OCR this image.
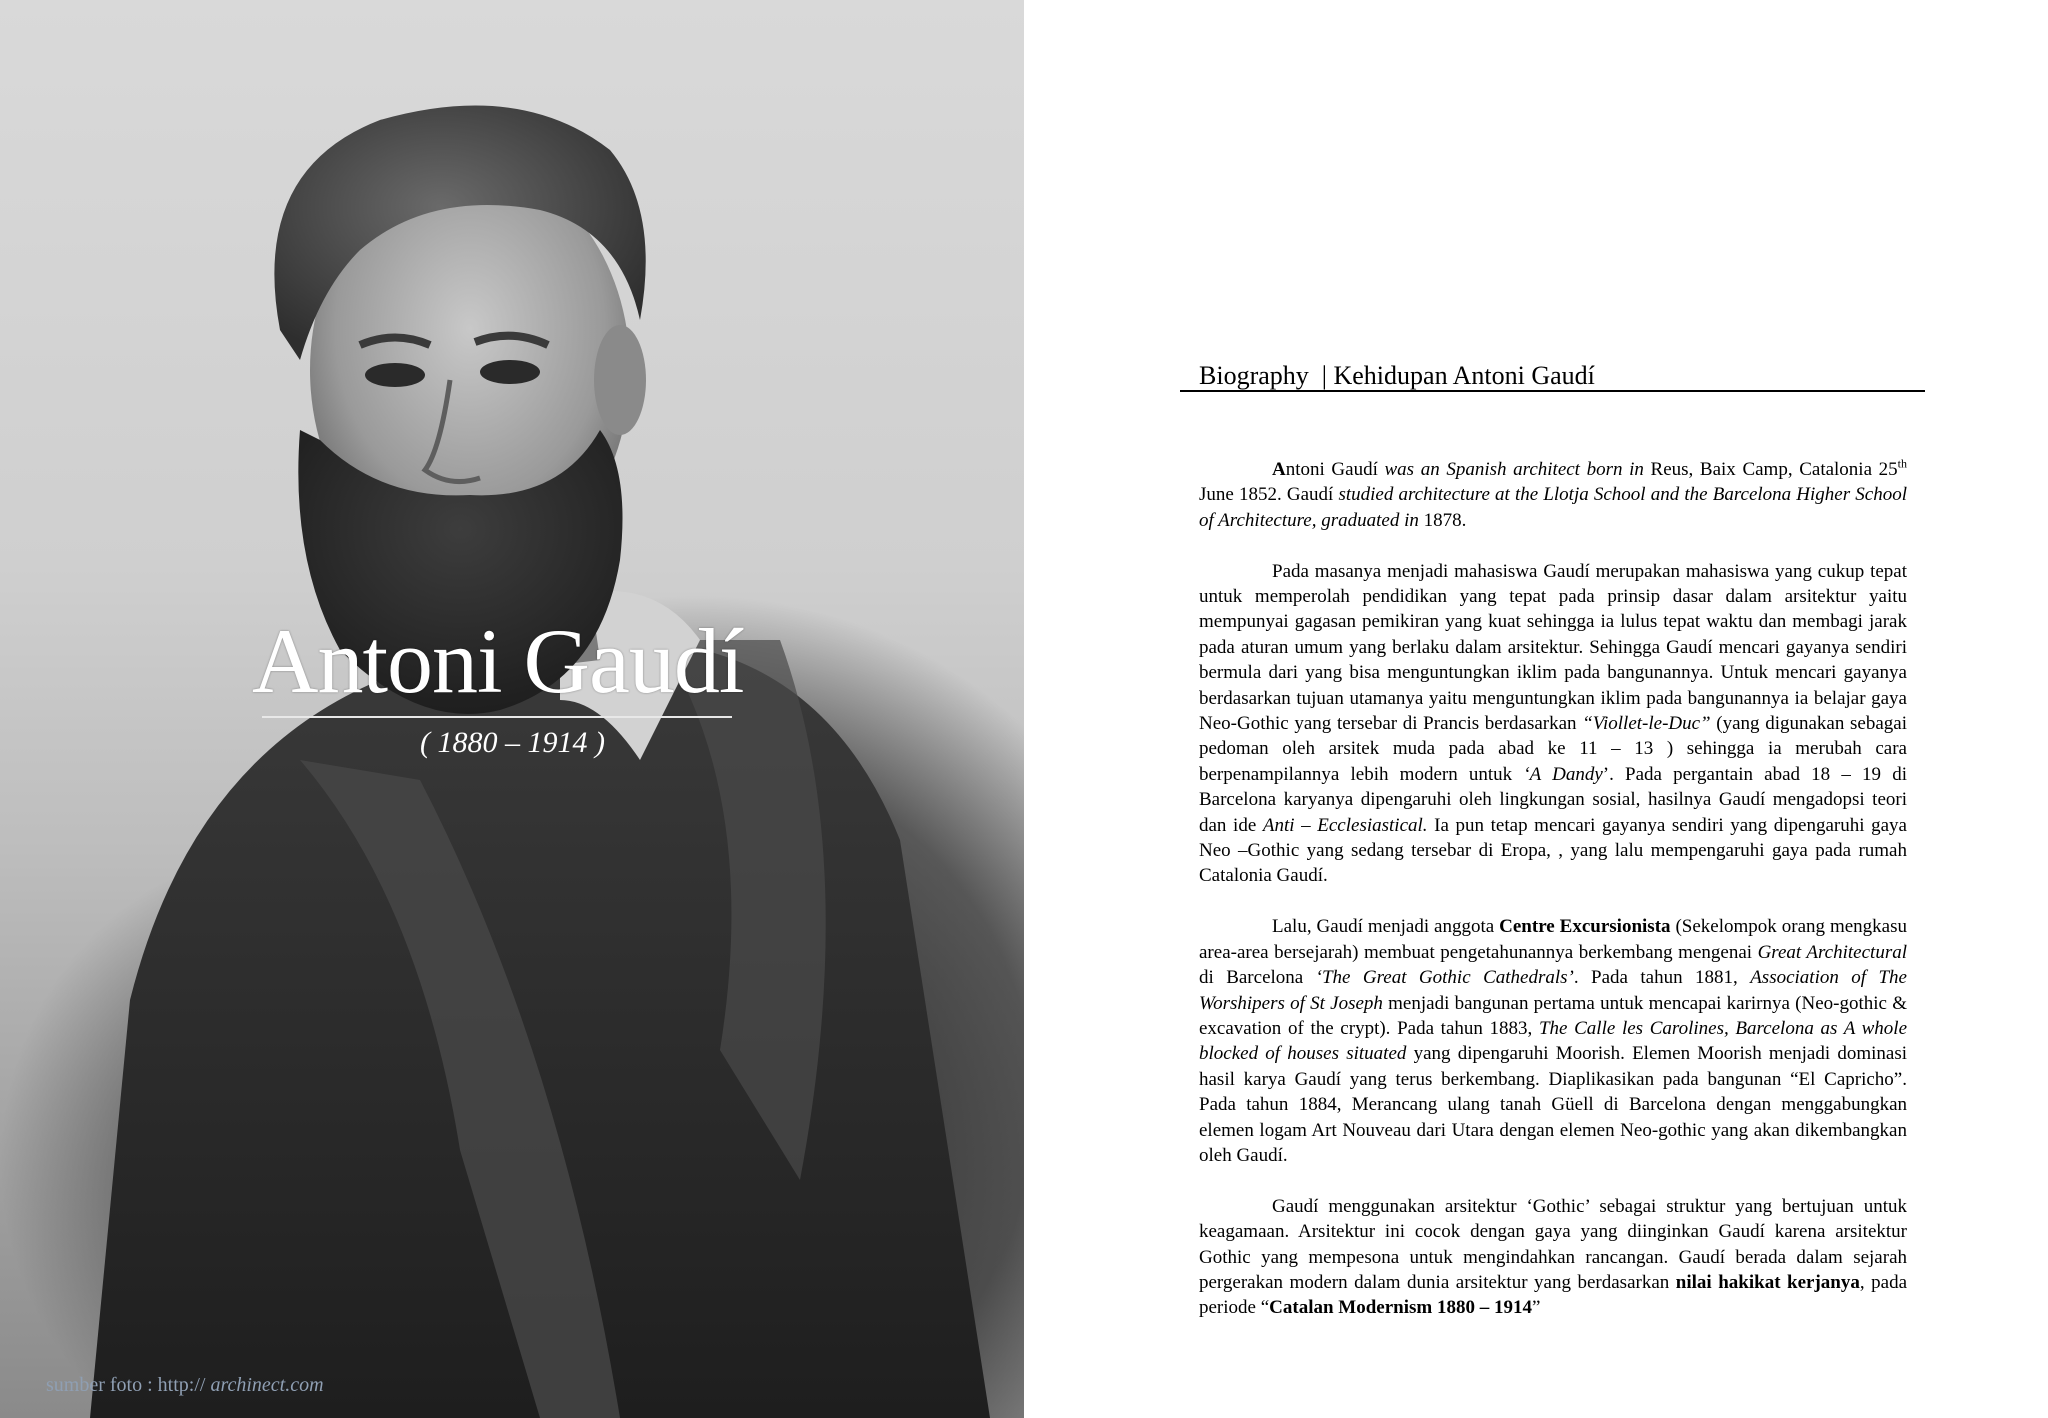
Antoni Gaudí
( 1880 – 1914 )
sumber foto : http:// archinect.com
Biography | Kehidupan Antoni Gaudí

Antoni Gaudí was an Spanish architect born in Reus, Baix Camp, Catalonia 25th June 1852. Gaudí studied architecture at the Llotja School and the Barcelona Higher School of Architecture, graduated in 1878.

Pada masanya menjadi mahasiswa Gaudí merupakan mahasiswa yang cukup tepat untuk memperolah pendidikan yang tepat pada prinsip dasar dalam arsitektur yaitu mempunyai gagasan pemikiran yang kuat sehingga ia lulus tepat waktu dan membagi jarak pada aturan umum yang berlaku dalam arsitektur. Sehingga Gaudí mencari gayanya sendiri bermula dari yang bisa menguntungkan iklim pada bangunannya. Untuk mencari gayanya berdasarkan tujuan utamanya yaitu menguntungkan iklim pada bangunannya ia belajar gaya Neo-Gothic yang tersebar di Prancis berdasarkan “Viollet-le-Duc” (yang digunakan sebagai pedoman oleh arsitek muda pada abad ke 11 – 13 ) sehingga ia merubah cara berpenampilannya lebih modern untuk ‘A Dandy’. Pada pergantain abad 18 – 19 di Barcelona karyanya dipengaruhi oleh lingkungan sosial, hasilnya Gaudí mengadopsi teori dan ide Anti – Ecclesiastical. Ia pun tetap mencari gayanya sendiri yang dipengaruhi gaya Neo –Gothic yang sedang tersebar di Eropa, , yang lalu mempengaruhi gaya pada rumah Catalonia Gaudí.

Lalu, Gaudí menjadi anggota Centre Excursionista (Sekelompok orang mengkasu area-area bersejarah) membuat pengetahunannya berkembang mengenai Great Architectural di Barcelona ‘The Great Gothic Cathedrals’. Pada tahun 1881, Association of The Worshipers of St Joseph menjadi bangunan pertama untuk mencapai karirnya (Neo-gothic & excavation of the crypt). Pada tahun 1883, The Calle les Carolines, Barcelona as A whole blocked of houses situated yang dipengaruhi Moorish. Elemen Moorish menjadi dominasi hasil karya Gaudí yang terus berkembang. Diaplikasikan pada bangunan “El Capricho”. Pada tahun 1884, Merancang ulang tanah Güell di Barcelona dengan menggabungkan elemen logam Art Nouveau dari Utara dengan elemen Neo-gothic yang akan dikembangkan oleh Gaudí.

Gaudí menggunakan arsitektur ‘Gothic’ sebagai struktur yang bertujuan untuk keagamaan. Arsitektur ini cocok dengan gaya yang diinginkan Gaudí karena arsitektur Gothic yang mempesona untuk mengindahkan rancangan. Gaudí berada dalam sejarah pergerakan modern dalam dunia arsitektur yang berdasarkan nilai hakikat kerjanya, pada periode “Catalan Modernism 1880 – 1914”
